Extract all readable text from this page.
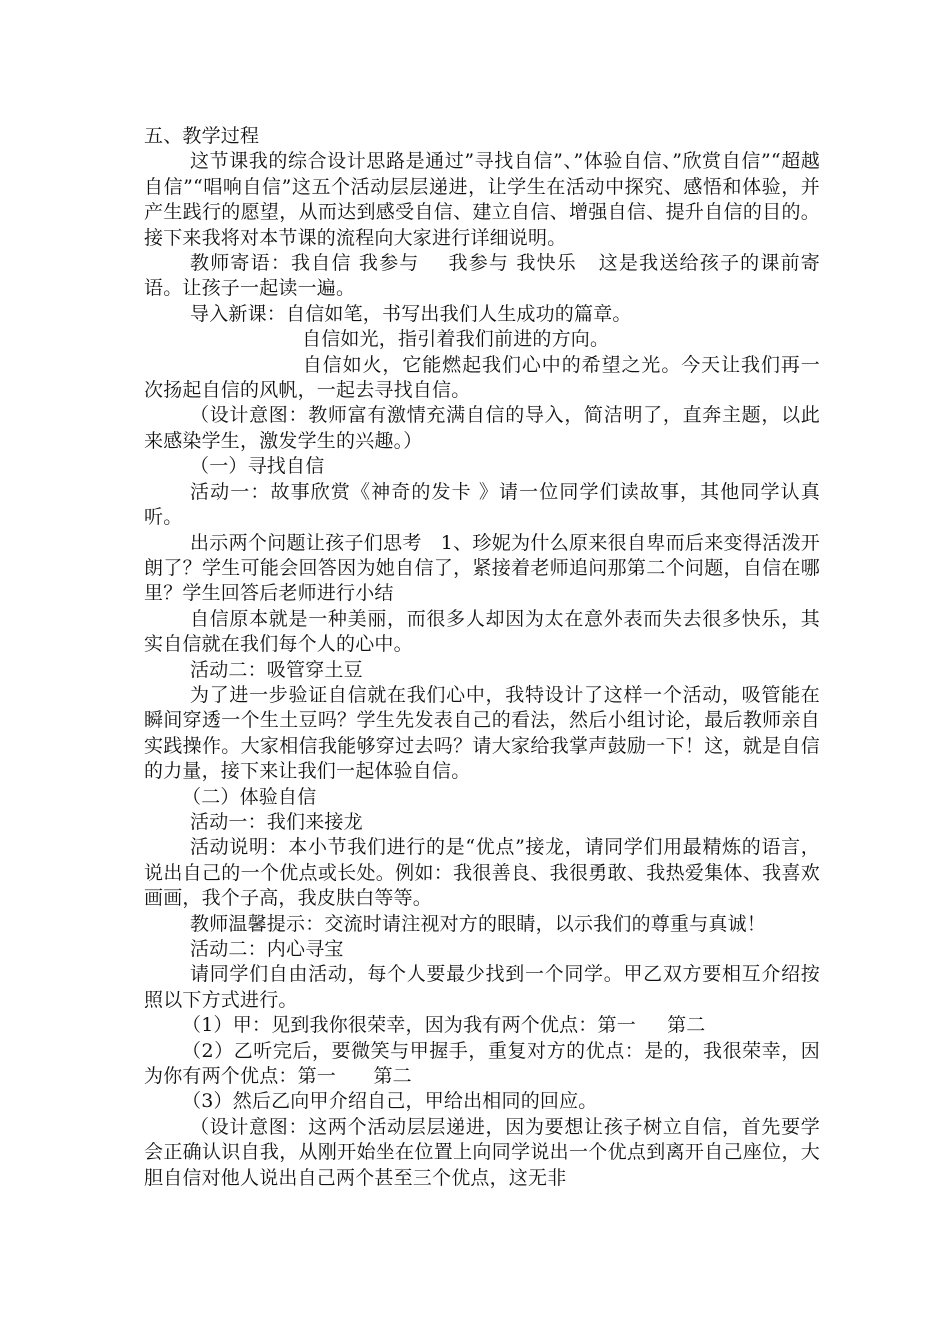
五、教学过程

这节课我的综合设计思路是通过”寻找自信”、”体验自信、”欣赏自信”“超越自信”“唱响自信”这五个活动层层递进，让学生在活动中探究、感悟和体验，并产生践行的愿望，从而达到感受自信、建立自信、增强自信、提升自信的目的。  接下来我将对本节课的流程向大家进行详细说明。

教师寄语：我自信 我参与    我参与 我快乐   这是我送给孩子的课前寄语。让孩子一起读一遍。

导入新课：自信如笔，书写出我们人生成功的篇章。

自信如光，指引着我们前进的方向。

自信如火，它能燃起我们心中的希望之光。今天让我们再一次扬起自信的风帆，一起去寻找自信。

（设计意图：教师富有激情充满自信的导入，简洁明了，直奔主题，以此来感染学生，激发学生的兴趣。）

（一）寻找自信

活动一：故事欣赏《神奇的发卡 》请一位同学们读故事，其他同学认真听。

出示两个问题让孩子们思考   1、珍妮为什么原来很自卑而后来变得活泼开朗了？学生可能会回答因为她自信了，紧接着老师追问那第二个问题，自信在哪里？学生回答后老师进行小结

自信原本就是一种美丽，而很多人却因为太在意外表而失去很多快乐，其实自信就在我们每个人的心中。

活动二：吸管穿土豆

为了进一步验证自信就在我们心中，我特设计了这样一个活动，吸管能在瞬间穿透一个生土豆吗？学生先发表自己的看法，然后小组讨论，最后教师亲自实践操作。大家相信我能够穿过去吗？请大家给我掌声鼓励一下！这，就是自信的力量，接下来让我们一起体验自信。

（二）体验自信

活动一：我们来接龙

活动说明：本小节我们进行的是“优点”接龙，请同学们用最精炼的语言，说出自己的一个优点或长处。例如：我很善良、我很勇敢、我热爱集体、我喜欢画画，我个子高，我皮肤白等等。

教师温馨提示：交流时请注视对方的眼睛，以示我们的尊重与真诚！

活动二：内心寻宝

请同学们自由活动，每个人要最少找到一个同学。甲乙双方要相互介绍按照以下方式进行。

（1）甲：见到我你很荣幸，因为我有两个优点：第一     第二

（2）乙听完后，要微笑与甲握手，重复对方的优点：是的，我很荣幸，因为你有两个优点：第一      第二

（3）然后乙向甲介绍自己，甲给出相同的回应。

（设计意图：这两个活动层层递进，因为要想让孩子树立自信，首先要学会正确认识自我，从刚开始坐在位置上向同学说出一个优点到离开自己座位，大胆自信对他人说出自己两个甚至三个优点，这无非
